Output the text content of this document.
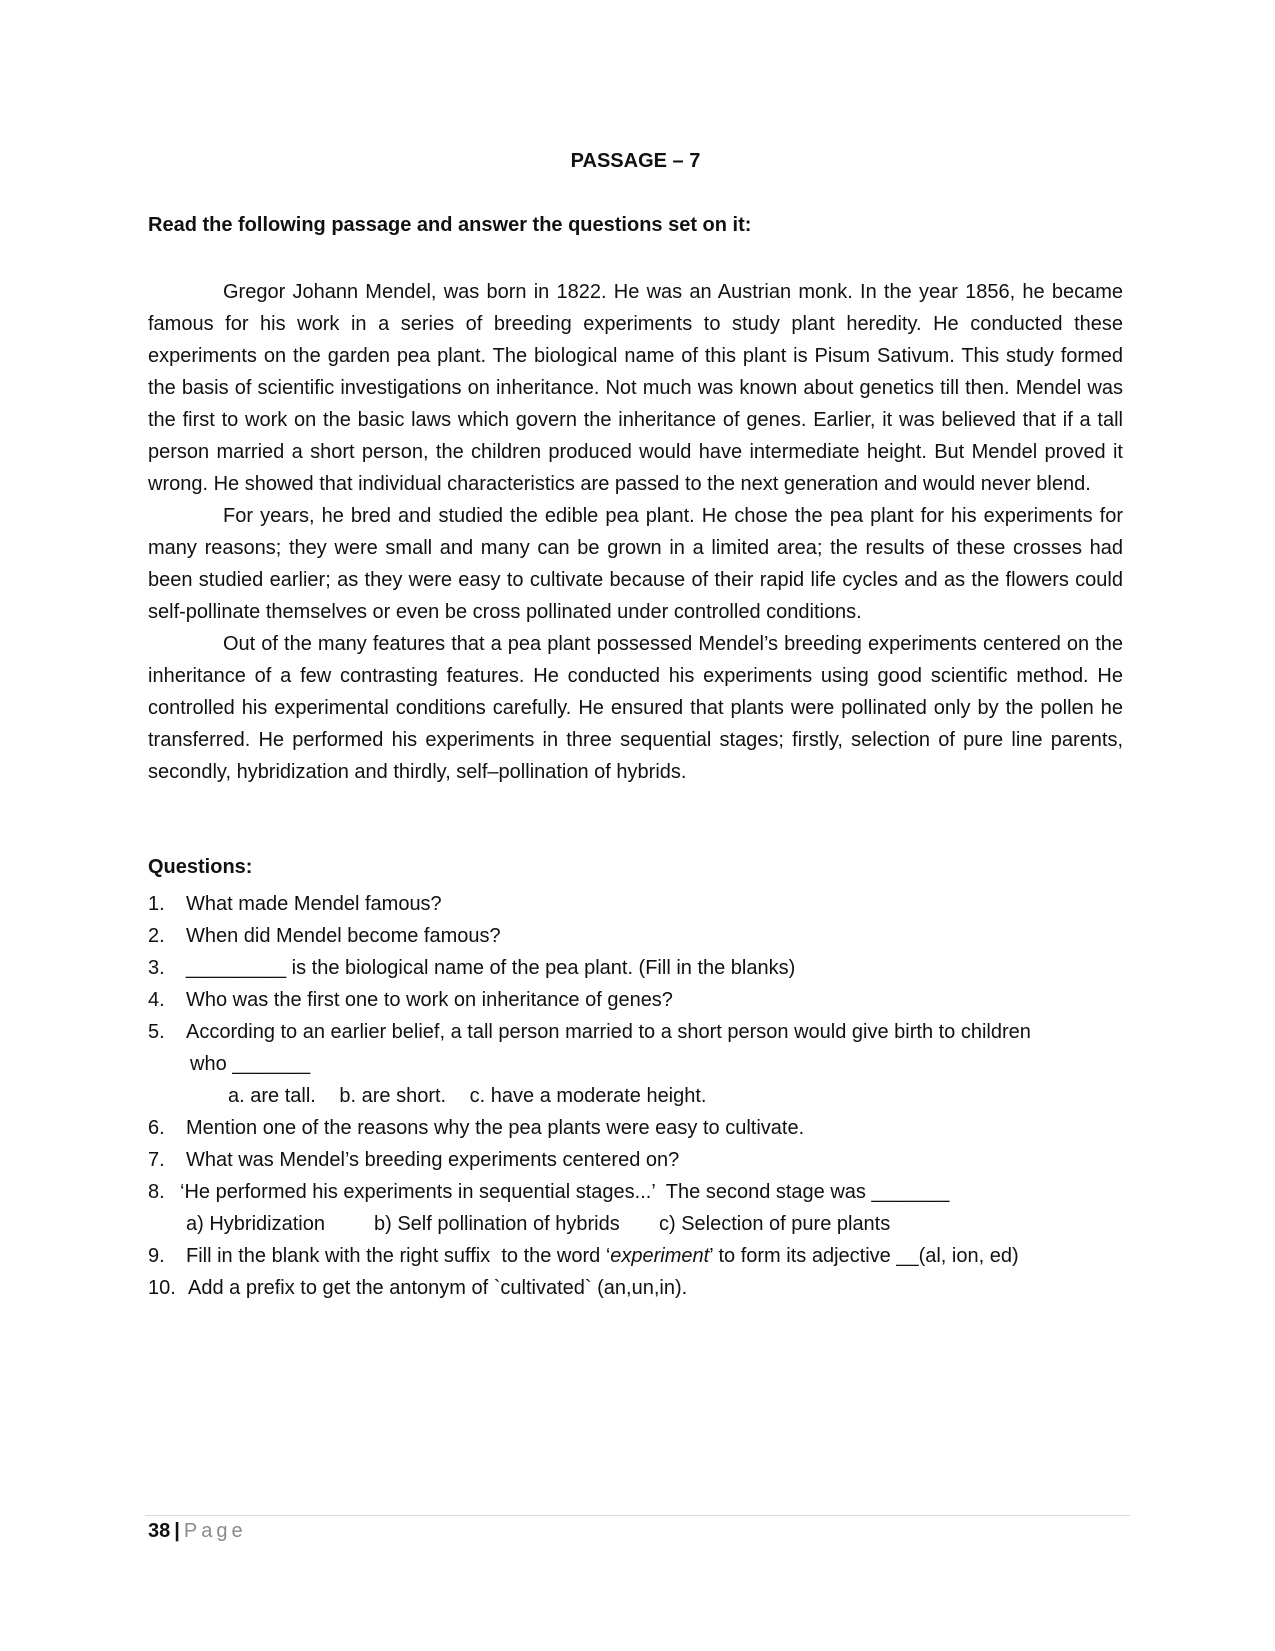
PASSAGE – 7
Read the following passage and answer the questions set on it:

Gregor Johann Mendel, was born in 1822. He was an Austrian monk. In the year 1856, he became famous for his work in a series of breeding experiments to study plant heredity. He conducted these experiments on the garden pea plant. The biological name of this plant is Pisum Sativum. This study formed the basis of scientific investigations on inheritance. Not much was known about genetics till then. Mendel was the first to work on the basic laws which govern the inheritance of genes. Earlier, it was believed that if a tall person married a short person, the children produced would have intermediate height. But Mendel proved it wrong. He showed that individual characteristics are passed to the next generation and would never blend.

For years, he bred and studied the edible pea plant. He chose the pea plant for his experiments for many reasons; they were small and many can be grown in a limited area; the results of these crosses had been studied earlier; as they were easy to cultivate because of their rapid life cycles and as the flowers could self-pollinate themselves or even be cross pollinated under controlled conditions.

Out of the many features that a pea plant possessed Mendel’s breeding experiments centered on the inheritance of a few contrasting features. He conducted his experiments using good scientific method. He controlled his experimental conditions carefully. He ensured that plants were pollinated only by the pollen he transferred. He performed his experiments in three sequential stages; firstly, selection of pure line parents, secondly, hybridization and thirdly, self–pollination of hybrids.

Questions:
1.	What made Mendel famous?
2.	When did Mendel become famous?
3.	_________ is the biological name of the pea plant. (Fill in the blanks)
4.	Who was the first one to work on inheritance of genes?
5.	According to an earlier belief, a tall person married to a short person would give birth to children
who _______
a. are tall. b. are short. c. have a moderate height.
6.	Mention one of the reasons why the pea plants were easy to cultivate.
7.	What was Mendel’s breeding experiments centered on?
8. ‘He performed his experiments in sequential stages...’  The second stage was _______
a) Hybridization b) Self pollination of hybrids c) Selection of pure plants
9.	Fill in the blank with the right suffix  to the word ‘experiment’ to form its adjective __(al, ion, ed)
10. Add a prefix to get the antonym of `cultivated` (an,un,in).
38 | Page
